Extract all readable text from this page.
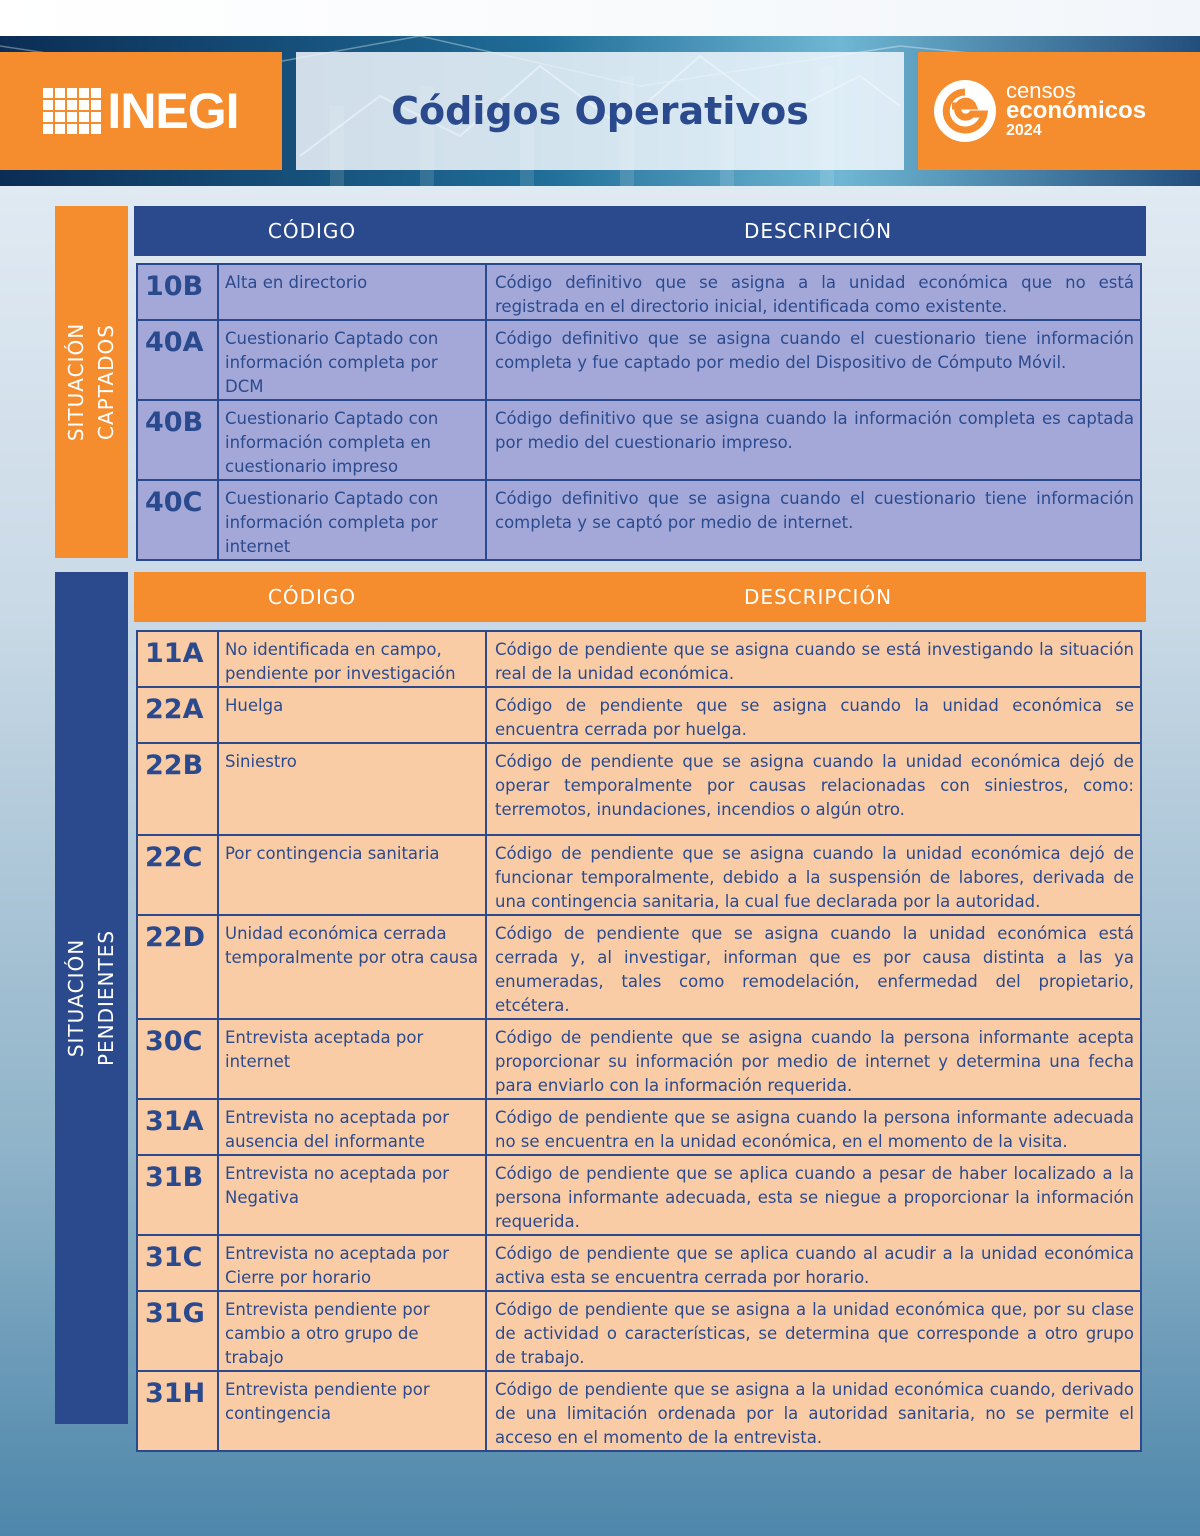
INEGI	Códigos Operativos	censos
económicos
2024
SITUACIÓN CAPTADOS
CÓDIGO	DESCRIPCIÓN
10B	Alta en directorio	Código definitivo que se asigna a la unidad económica que no está registrada en el directorio inicial, identificada como existente.
40A	Cuestionario Captado con información completa por DCM	Código definitivo que se asigna cuando el cuestionario tiene información completa y fue captado por medio del Dispositivo de Cómputo Móvil.
40B	Cuestionario Captado con información completa en cuestionario impreso	Código definitivo que se asigna cuando la información completa es captada por medio del cuestionario impreso.
40C	Cuestionario Captado con información completa por internet	Código definitivo que se asigna cuando el cuestionario tiene información completa y se captó por medio de internet.
SITUACIÓN PENDIENTES
CÓDIGO	DESCRIPCIÓN
11A	No identificada en campo, pendiente por investigación	Código de pendiente que se asigna cuando se está investigando la situación real de la unidad económica.
22A	Huelga	Código de pendiente que se asigna cuando la unidad económica se encuentra cerrada por huelga.
22B	Siniestro	Código de pendiente que se asigna cuando la unidad económica dejó de operar temporalmente por causas relacionadas con siniestros, como: terremotos, inundaciones, incendios o algún otro.
22C	Por contingencia sanitaria	Código de pendiente que se asigna cuando la unidad económica dejó de funcionar temporalmente, debido a la suspensión de labores, derivada de una contingencia sanitaria, la cual fue declarada por la autoridad.
22D	Unidad económica cerrada temporalmente por otra causa	Código de pendiente que se asigna cuando la unidad económica está cerrada y, al investigar, informan que es por causa distinta a las ya enumeradas, tales como remodelación, enfermedad del propietario, etcétera.
30C	Entrevista aceptada por internet	Código de pendiente que se asigna cuando la persona informante acepta proporcionar su información por medio de internet y determina una fecha para enviarlo con la información requerida.
31A	Entrevista no aceptada por ausencia del informante	Código de pendiente que se asigna cuando la persona informante adecuada no se encuentra en la unidad económica, en el momento de la visita.
31B	Entrevista no aceptada por Negativa	Código de pendiente que se aplica cuando a pesar de haber localizado a la persona informante adecuada, esta se niegue a proporcionar la información requerida.
31C	Entrevista no aceptada por Cierre por horario	Código de pendiente que se aplica cuando al acudir a la unidad económica activa esta se encuentra cerrada por horario.
31G	Entrevista pendiente por cambio a otro grupo de trabajo	Código de pendiente que se asigna a la unidad económica que, por su clase de actividad o características, se determina que corresponde a otro grupo de trabajo.
31H	Entrevista pendiente por contingencia	Código de pendiente que se asigna a la unidad económica cuando, derivado de una limitación ordenada por la autoridad sanitaria, no se permite el acceso en el momento de la entrevista.
